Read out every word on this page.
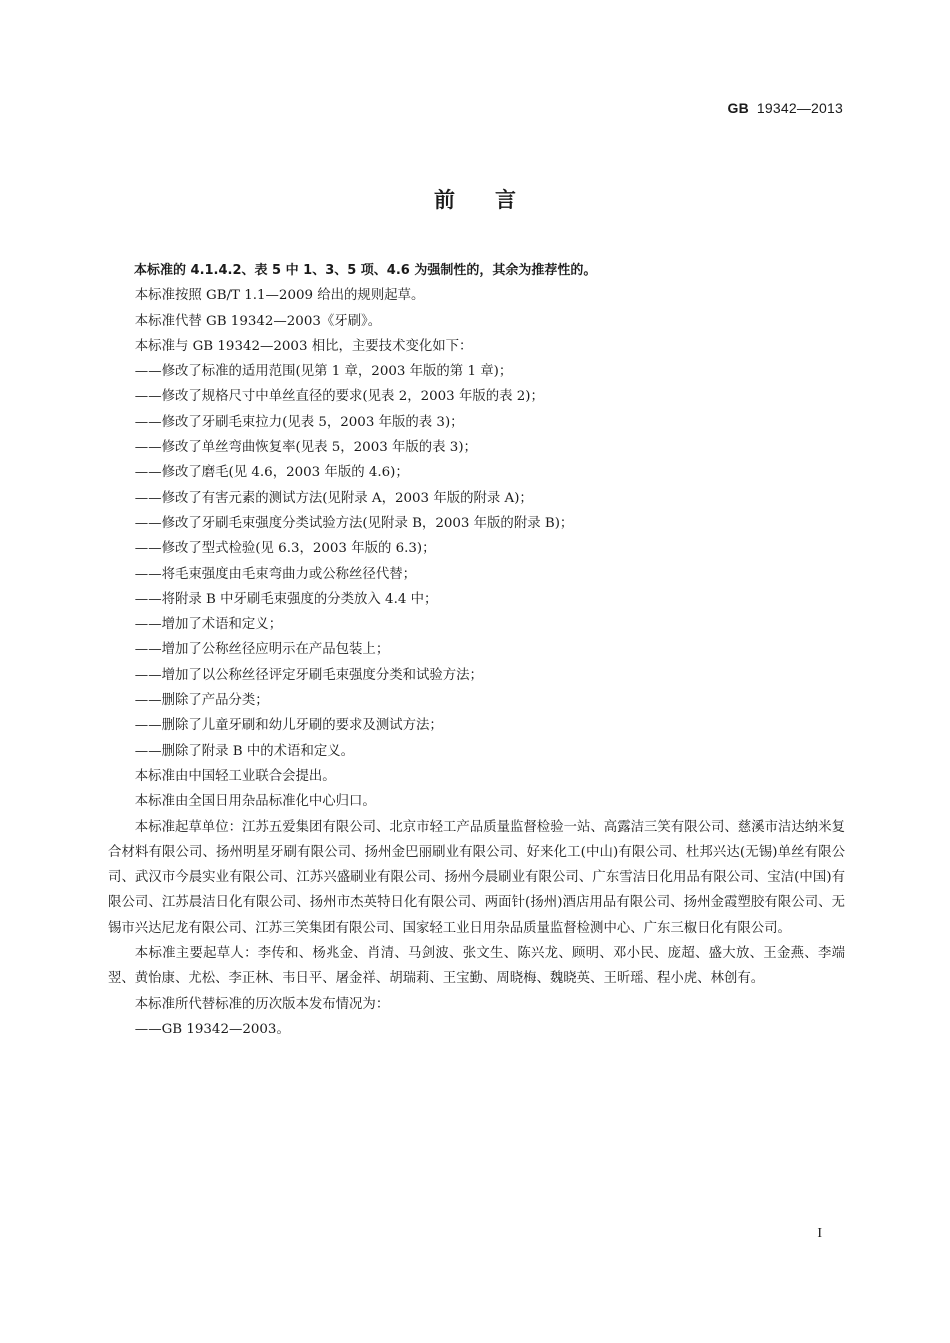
GB 19342—2013
前言

本标准的 4.1.4.2、表 5 中 1、3、5 项、4.6 为强制性的，其余为推荐性的。

本标准按照 GB/T 1.1—2009 给出的规则起草。

本标准代替 GB 19342—2003《牙刷》。

本标准与 GB 19342—2003 相比，主要技术变化如下：

——修改了标准的适用范围(见第 1 章，2003 年版的第 1 章)；

——修改了规格尺寸中单丝直径的要求(见表 2，2003 年版的表 2)；

——修改了牙刷毛束拉力(见表 5，2003 年版的表 3)；

——修改了单丝弯曲恢复率(见表 5，2003 年版的表 3)；

——修改了磨毛(见 4.6，2003 年版的 4.6)；

——修改了有害元素的测试方法(见附录 A，2003 年版的附录 A)；

——修改了牙刷毛束强度分类试验方法(见附录 B，2003 年版的附录 B)；

——修改了型式检验(见 6.3，2003 年版的 6.3)；

——将毛束强度由毛束弯曲力或公称丝径代替；

——将附录 B 中牙刷毛束强度的分类放入 4.4 中；

——增加了术语和定义；

——增加了公称丝径应明示在产品包装上；

——增加了以公称丝径评定牙刷毛束强度分类和试验方法；

——删除了产品分类；

——删除了儿童牙刷和幼儿牙刷的要求及测试方法；

——删除了附录 B 中的术语和定义。

本标准由中国轻工业联合会提出。

本标准由全国日用杂品标准化中心归口。

本标准起草单位：江苏五爱集团有限公司、北京市轻工产品质量监督检验一站、高露洁三笑有限公司、慈溪市洁达纳米复合材料有限公司、扬州明星牙刷有限公司、扬州金巴丽刷业有限公司、好来化工(中山)有限公司、杜邦兴达(无锡)单丝有限公司、武汉市今晨实业有限公司、江苏兴盛刷业有限公司、扬州今晨刷业有限公司、广东雪洁日化用品有限公司、宝洁(中国)有限公司、江苏晨洁日化有限公司、扬州市杰英特日化有限公司、两面针(扬州)酒店用品有限公司、扬州金霞塑胶有限公司、无锡市兴达尼龙有限公司、江苏三笑集团有限公司、国家轻工业日用杂品质量监督检测中心、广东三椒日化有限公司。

本标准主要起草人：李传和、杨兆金、肖清、马剑波、张文生、陈兴龙、顾明、邓小民、庞超、盛大放、王金燕、李端翌、黄怡康、尤松、李正林、韦日平、屠金祥、胡瑞莉、王宝勤、周晓梅、魏晓英、王昕瑶、程小虎、林创有。

本标准所代替标准的历次版本发布情况为：

——GB 19342—2003。

I
